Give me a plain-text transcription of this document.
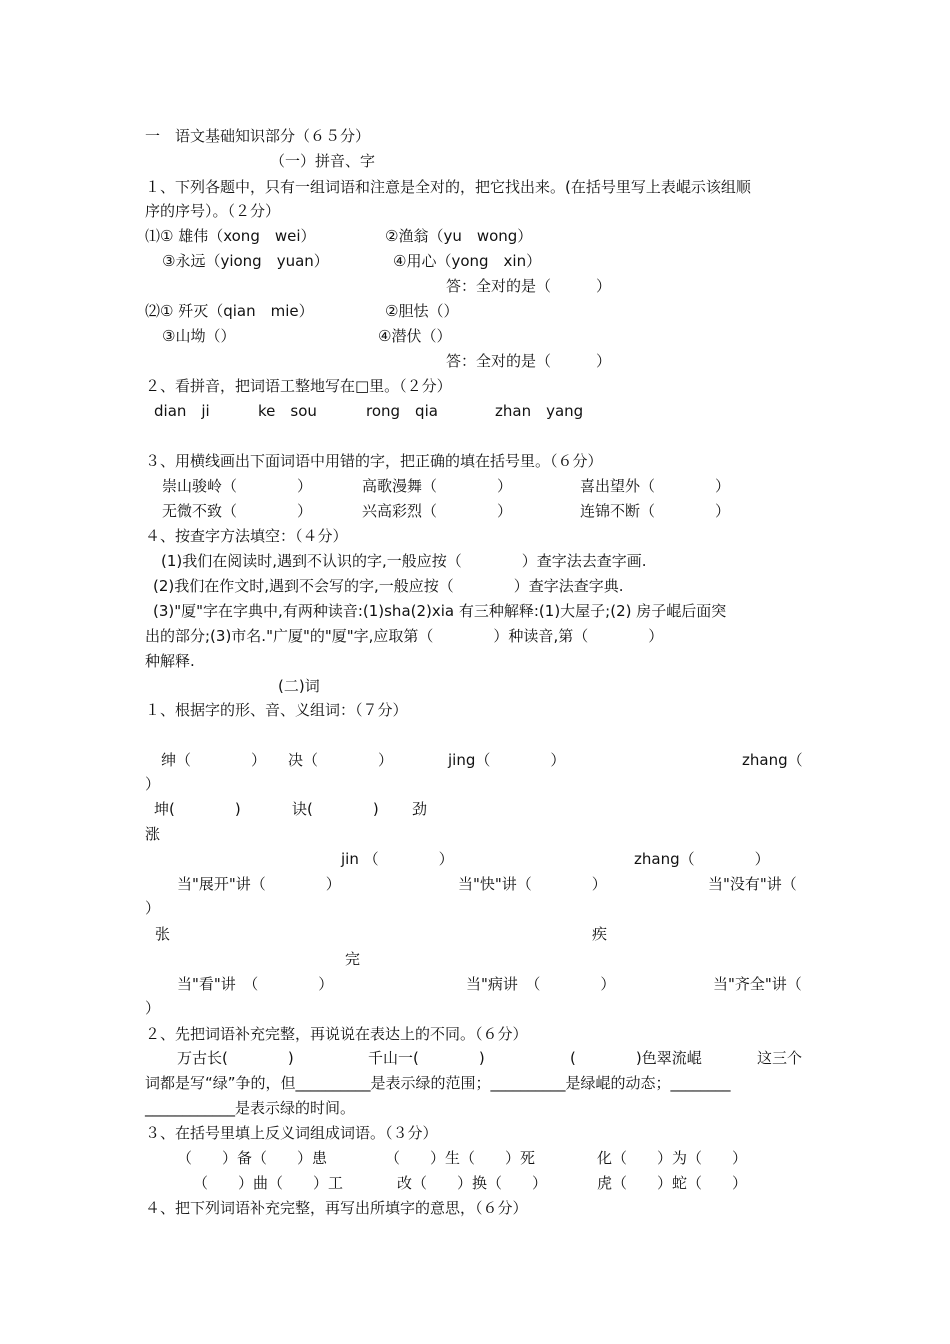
一　语文基础知识部分（６５分）
（一）拼音、字
１、下列各题中，只有一组词语和注意是全对的，把它找出来。(在括号里写上表崐示该组顺
序的序号）。（２分）
⑴① 雄伟（xong　wei）	②渔翁（yu　wong）
③永远（yiong　yuan）	④用心（yong　xin）
答：全对的是（　　　）
⑵① 歼灭（qian　mie）	②胆怯（）
③山坳（）	④潜伏（）
答：全对的是（　　　）
２、看拼音，把词语工整地写在□里。（２分）
dian　ji	ke　sou	rong　qia	zhan　yang
３、用横线画出下面词语中用错的字，把正确的填在括号里。（６分）
崇山骏岭（　　　　）	高歌漫舞（　　　　）	喜出望外（　　　　）
无微不致（　　　　）	兴高彩烈（　　　　）	连锦不断（　　　　）
４、按查字方法填空：（４分）
(1)我们在阅读时,遇到不认识的字,一般应按（　　　　）查字法去查字画.
(2)我们在作文时,遇到不会写的字,一般应按（　　　　）查字法查字典.
(3)"厦"字在字典中,有两种读音:(1)sha(2)xia 有三种解释:(1)大屋子;(2) 房子崐后面突
出的部分;(3)市名."广厦"的"厦"字,应取第（　　　　）种读音,第（　　　　）
种解释.
(二)词
１、根据字的形、音、义组词：（７分）
绅（　　　　） 决（　　　　）	jing（　　　　）	zhang（
）
坤(　　　　)	诀(　　　　) 劲
涨
jin （　　　　）	zhang（　　　　）
当"展开"讲（　　　　）	当"快"讲（　　　　）	当"没有"讲（
）
张	疾
完
当"看"讲　（　　　　）	当"病讲　（　　　　）	当"齐全"讲（
）
２、先把词语补充完整，再说说在表达上的不同。（６分）
万古长(　　　　)	千山一(　　　　)	(　　　　)色翠流崐	这三个
词都是写“绿”争的，但__________是表示绿的范围；__________是绿崐的动态；________
____________是表示绿的时间。
３、在括号里填上反义词组成词语。（３分）
（　　）备（　　）患	（　　）生（　　）死	化（　　）为（　　）
（　　）曲（　　）工	改（　　）换（　　）	虎（　　）蛇（　　）
４、把下列词语补充完整，再写出所填字的意思，（６分）
